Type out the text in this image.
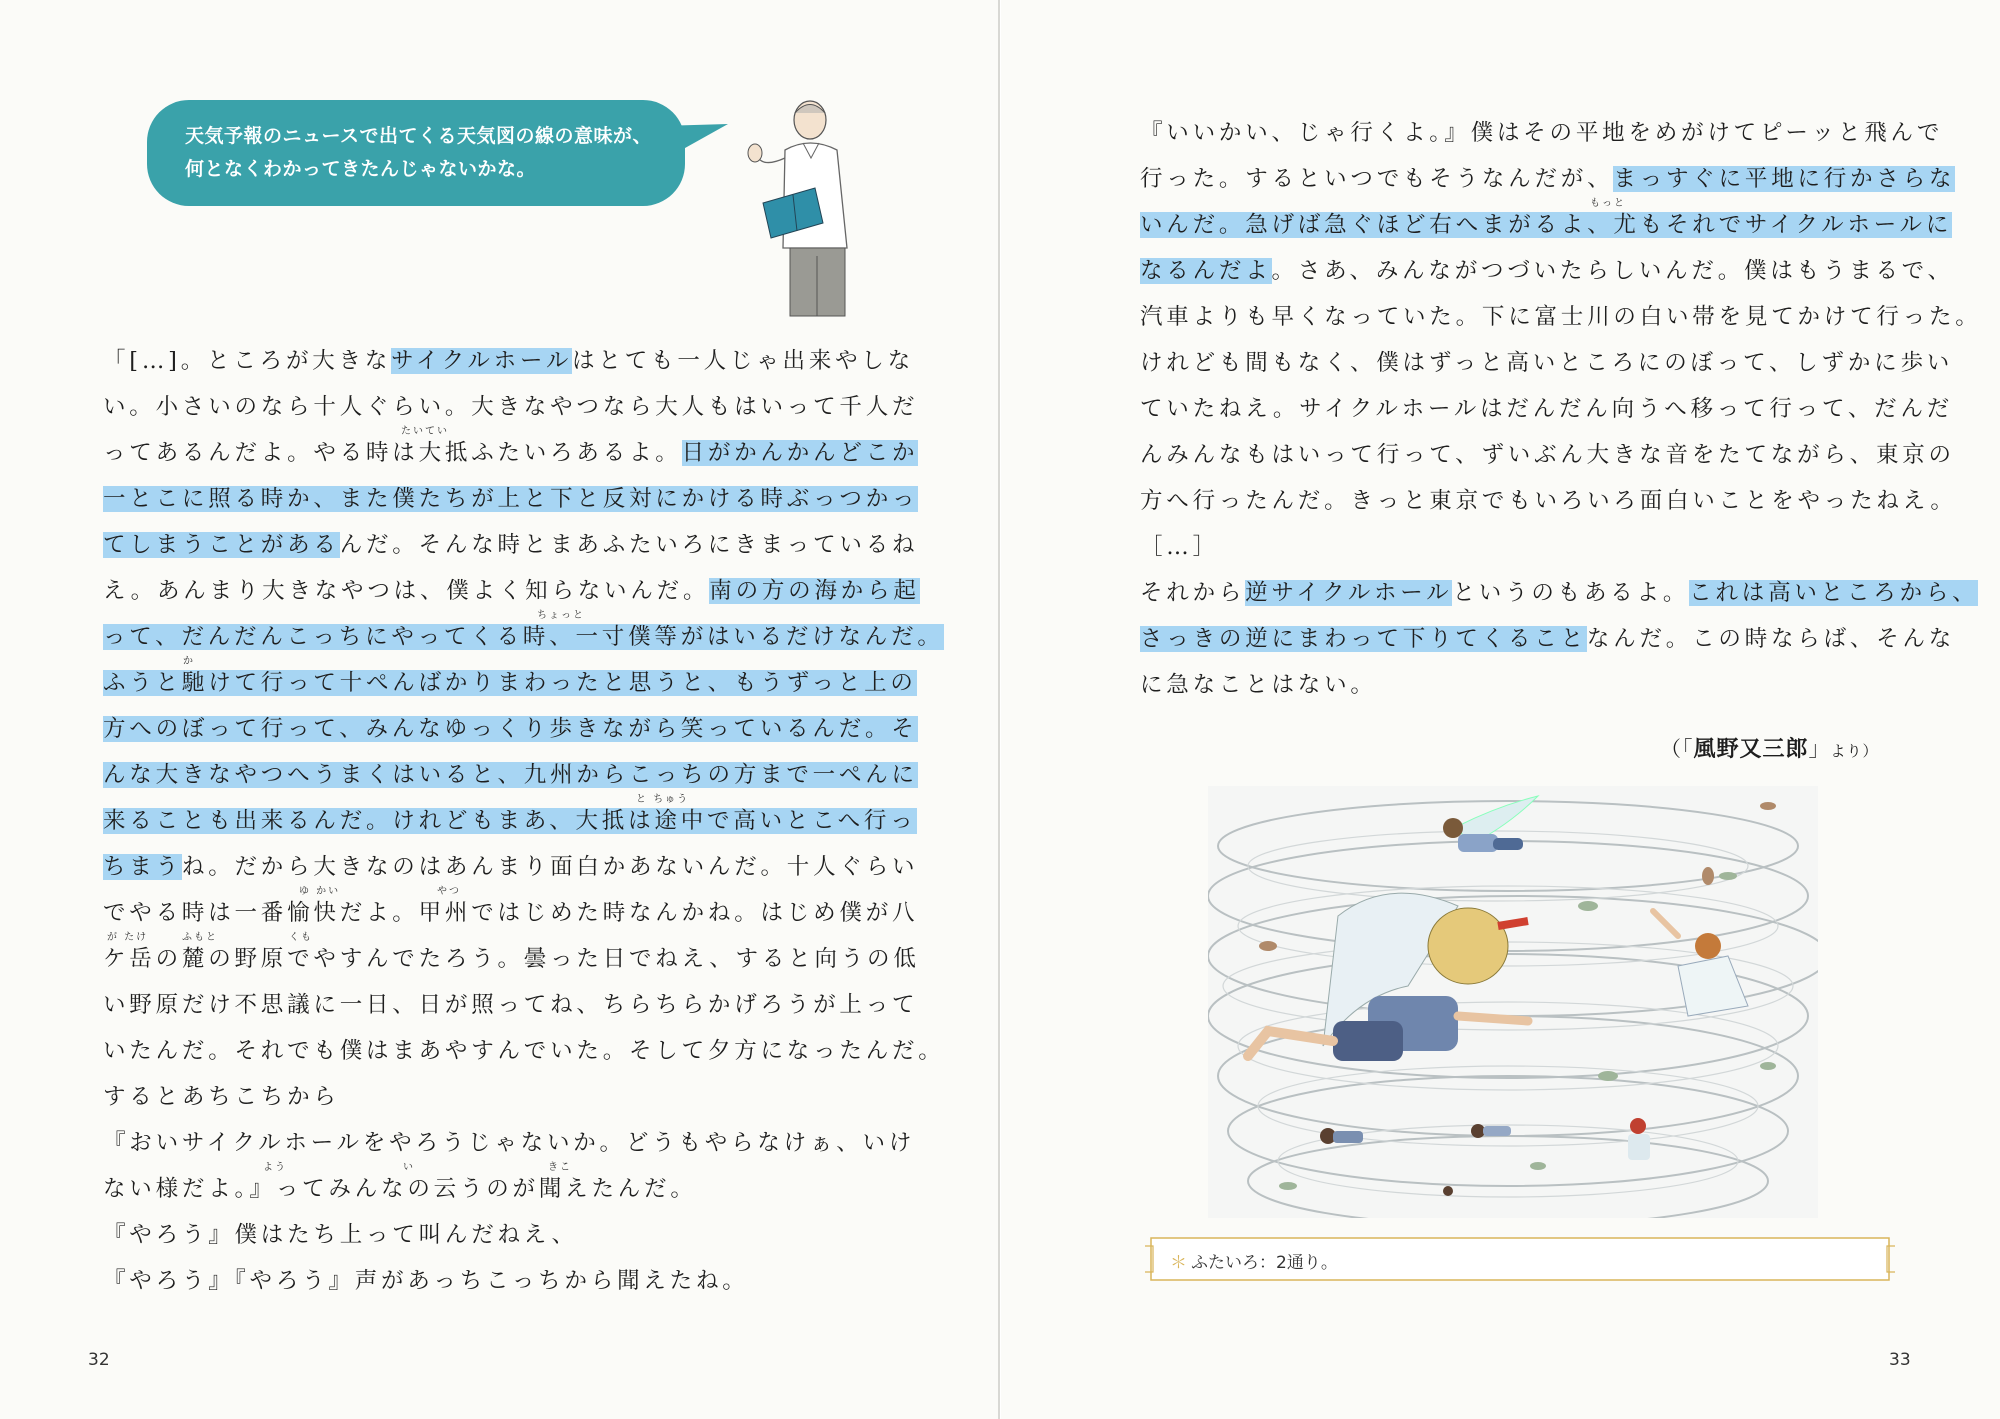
天気予報のニュースで出てくる天気図の線の意味が、
何となくわかってきたんじゃないかな。
「[…]。ところが大きなサイクルホールはとても一人じゃ出来やしな
い。小さいのなら十人ぐらい。大きなやつなら大人もはいって千人だ
ってあるんだよ。やる時は大抵ふたいろあるよ。日がかんかんどこか
たいてい
一とこに照る時か、また僕たちが上と下と反対にかける時ぶっつかっ
てしまうことがあるんだ。そんな時とまあふたいろにきまっているね
え。あんまり大きなやつは、僕よく知らないんだ。南の方の海から起
って、だんだんこっちにやってくる時、一寸僕等がはいるだけなんだ。
ちょっと
ふうと馳けて行って十ぺんばかりまわったと思うと、もうずっと上の
か
方へのぼって行って、みんなゆっくり歩きながら笑っているんだ。そ
んな大きなやつへうまくはいると、九州からこっちの方まで一ぺんに
来ることも出来るんだ。けれどもまあ、大抵は途中で高いとこへ行っ
と ちゅう
ちまうね。だから大きなのはあんまり面白かあないんだ。十人ぐらい
でやる時は一番愉快だよ。甲州ではじめた時なんかね。はじめ僕が八
ゆ かい	やつ
ケ岳の麓の野原でやすんでたろう。曇った日でねえ、すると向うの低
が たけ	ふもと	くも
い野原だけ不思議に一日、日が照ってね、ちらちらかげろうが上って
いたんだ。それでも僕はまあやすんでいた。そして夕方になったんだ。
するとあちこちから
『おいサイクルホールをやろうじゃないか。どうもやらなけぁ、いけ
ない様だよ。』ってみんなの云うのが聞えたんだ。
よう	い	きこ
『やろう』僕はたち上って叫んだねえ、
『やろう』『やろう』声があっちこっちから聞えたね。
『いいかい、じゃ行くよ。』僕はその平地をめがけてピーッと飛んで
行った。するといつでもそうなんだが、まっすぐに平地に行かさらな
いんだ。急げば急ぐほど右へまがるよ、尤もそれでサイクルホールに
もっと
なるんだよ。さあ、みんながつづいたらしいんだ。僕はもうまるで、
汽車よりも早くなっていた。下に富士川の白い帯を見てかけて行った。
けれども間もなく、僕はずっと高いところにのぼって、しずかに歩い
ていたねえ。サイクルホールはだんだん向うへ移って行って、だんだ
んみんなもはいって行って、ずいぶん大きな音をたてながら、東京の
方へ行ったんだ。きっと東京でもいろいろ面白いことをやったねえ。
［…］
それから逆サイクルホールというのもあるよ。これは高いところから、
さっきの逆にまわって下りてくることなんだ。この時ならば、そんな
に急なことはない。
（「風野又三郎」より）
＊ ふたいろ：2通り。
32	33
